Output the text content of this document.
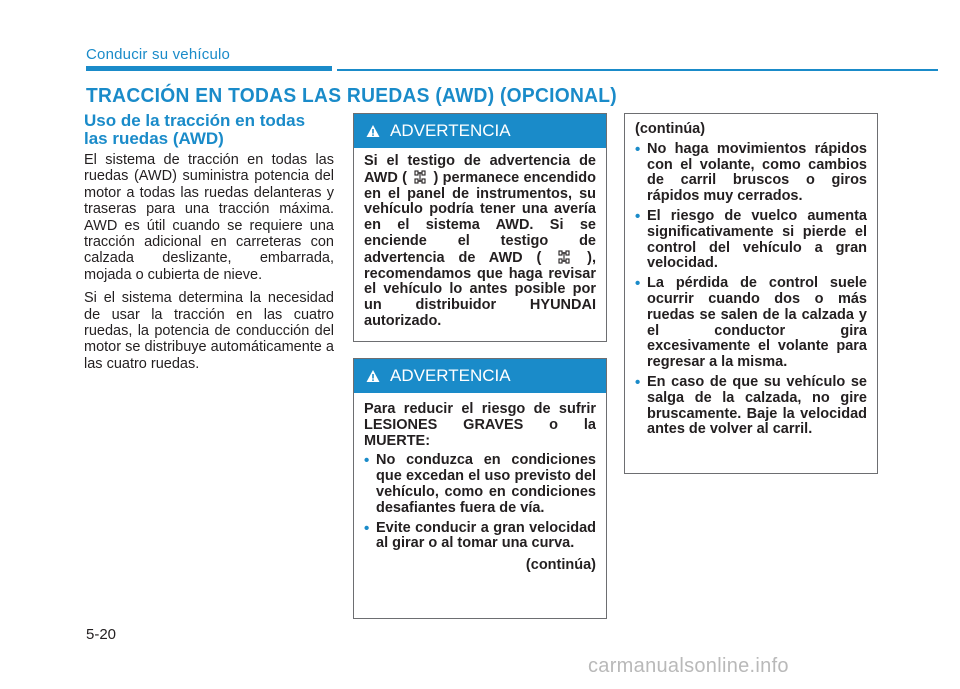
Conducir su vehículo
TRACCIÓN EN TODAS LAS RUEDAS (AWD) (OPCIONAL)
Uso de la tracción en todas
las ruedas (AWD)

El sistema de tracción en todas las ruedas (AWD) suministra potencia del motor a todas las ruedas delanteras y traseras para una tracción máxima. AWD es útil cuando se requiere una tracción adicional en carreteras con calzada deslizante, embarrada, mojada o cubierta de nieve.

Si el sistema determina la necesidad de usar la tracción en las cuatro ruedas, la potencia de conducción del motor se distribuye automáticamente a las cuatro ruedas.

ADVERTENCIA
Si el testigo de advertencia de AWD ( ) permanece encendido en el panel de instrumentos, su vehículo podría tener una avería en el sistema AWD. Si se enciende el testigo de advertencia de AWD (	), recomendamos que haga revisar el vehículo lo antes posible por un distribuidor HYUNDAI autorizado.
ADVERTENCIA

Para reducir el riesgo de sufrir LESIONES GRAVES o la MUERTE:

• No conduzca en condiciones que excedan el uso previsto del vehículo, como en condiciones desafiantes fuera de vía.
• Evite conducir a gran velocidad al girar o al tomar una curva.
(continúa)

(continúa)

• No haga movimientos rápidos con el volante, como cambios de carril bruscos o giros rápidos muy cerrados.
• El riesgo de vuelco aumenta significativamente si pierde el control del vehículo a gran velocidad.
• La pérdida de control suele ocurrir cuando dos o más ruedas se salen de la calzada y el conductor gira excesivamente el volante para regresar a la misma.
• En caso de que su vehículo se salga de la calzada, no gire bruscamente. Baje la velocidad antes de volver al carril.
5-20
carmanualsonline.info
